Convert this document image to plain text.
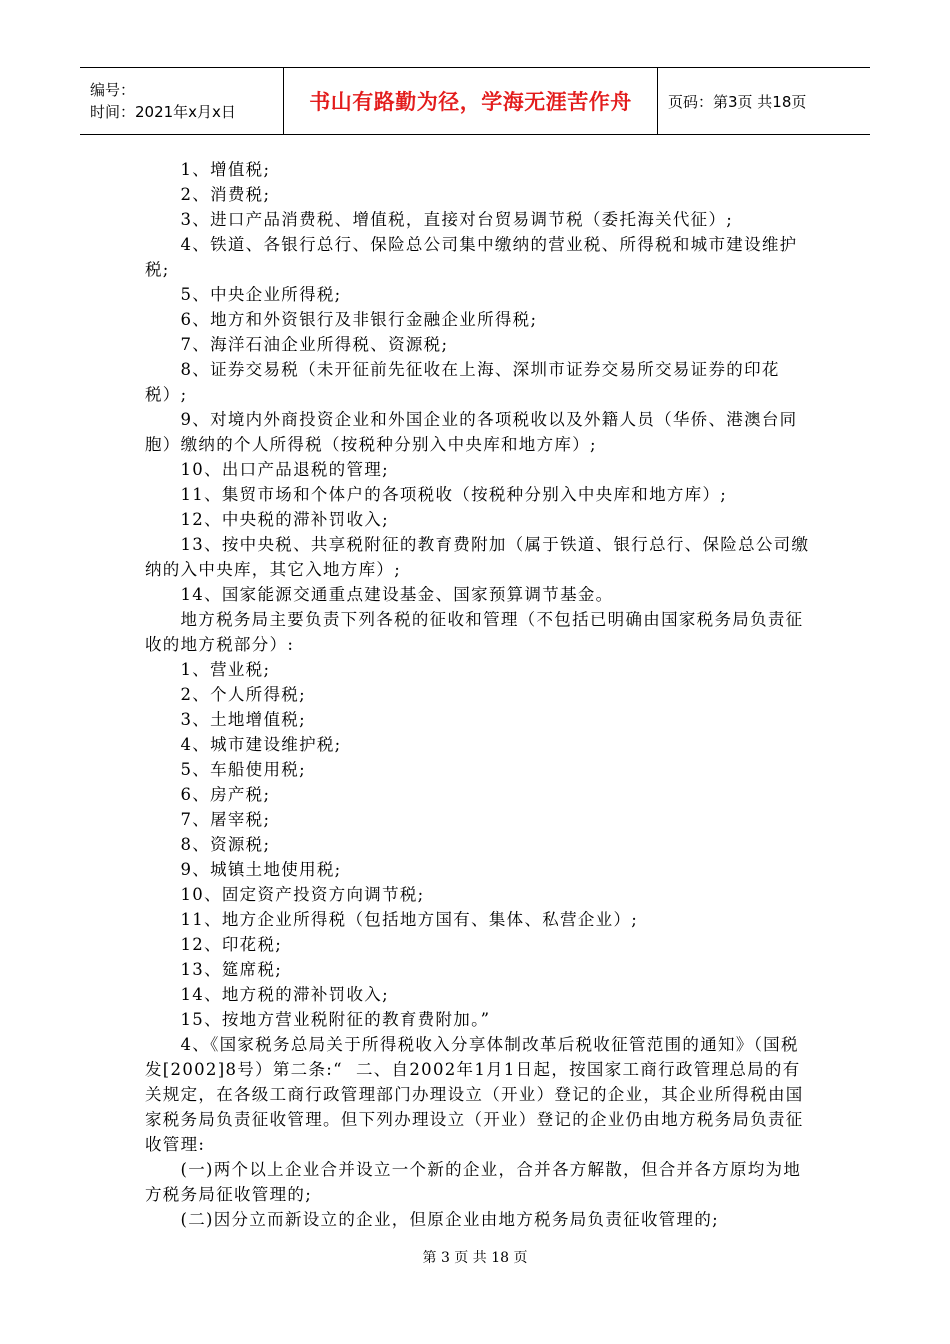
编号：
时间：2021年x月x日	书山有路勤为径，学海无涯苦作舟 页码：第3页 共18页

1、增值税;

2、消费税;

3、进口产品消费税、增值税，直接对台贸易调节税（委托海关代征）;

4、铁道、各银行总行、保险总公司集中缴纳的营业税、所得税和城市建设维护税;

5、中央企业所得税;

6、地方和外资银行及非银行金融企业所得税;

7、海洋石油企业所得税、资源税;

8、证券交易税（未开征前先征收在上海、深圳市证券交易所交易证券的印花税）;

9、对境内外商投资企业和外国企业的各项税收以及外籍人员（华侨、港澳台同胞）缴纳的个人所得税（按税种分别入中央库和地方库）;

10、出口产品退税的管理;

11、集贸市场和个体户的各项税收（按税种分别入中央库和地方库）;

12、中央税的滞补罚收入;

13、按中央税、共享税附征的教育费附加（属于铁道、银行总行、保险总公司缴纳的入中央库，其它入地方库）;

14、国家能源交通重点建设基金、国家预算调节基金。

地方税务局主要负责下列各税的征收和管理（不包括已明确由国家税务局负责征收的地方税部分）:

1、营业税;

2、个人所得税;

3、土地增值税;

4、城市建设维护税;

5、车船使用税;

6、房产税;

7、屠宰税;

8、资源税;

9、城镇土地使用税;

10、固定资产投资方向调节税;

11、地方企业所得税（包括地方国有、集体、私营企业）;

12、印花税;

13、筵席税;

14、地方税的滞补罚收入;

15、按地方营业税附征的教育费附加。”

4、《国家税务总局关于所得税收入分享体制改革后税收征管范围的通知》（国税发[2002]8号）第二条:“  二、自2002年1月1日起，按国家工商行政管理总局的有关规定，在各级工商行政管理部门办理设立（开业）登记的企业，其企业所得税由国家税务局负责征收管理。但下列办理设立（开业）登记的企业仍由地方税务局负责征收管理:

(一)两个以上企业合并设立一个新的企业，合并各方解散，但合并各方原均为地方税务局征收管理的;

(二)因分立而新设立的企业，但原企业由地方税务局负责征收管理的;

第 3 页 共 18 页
